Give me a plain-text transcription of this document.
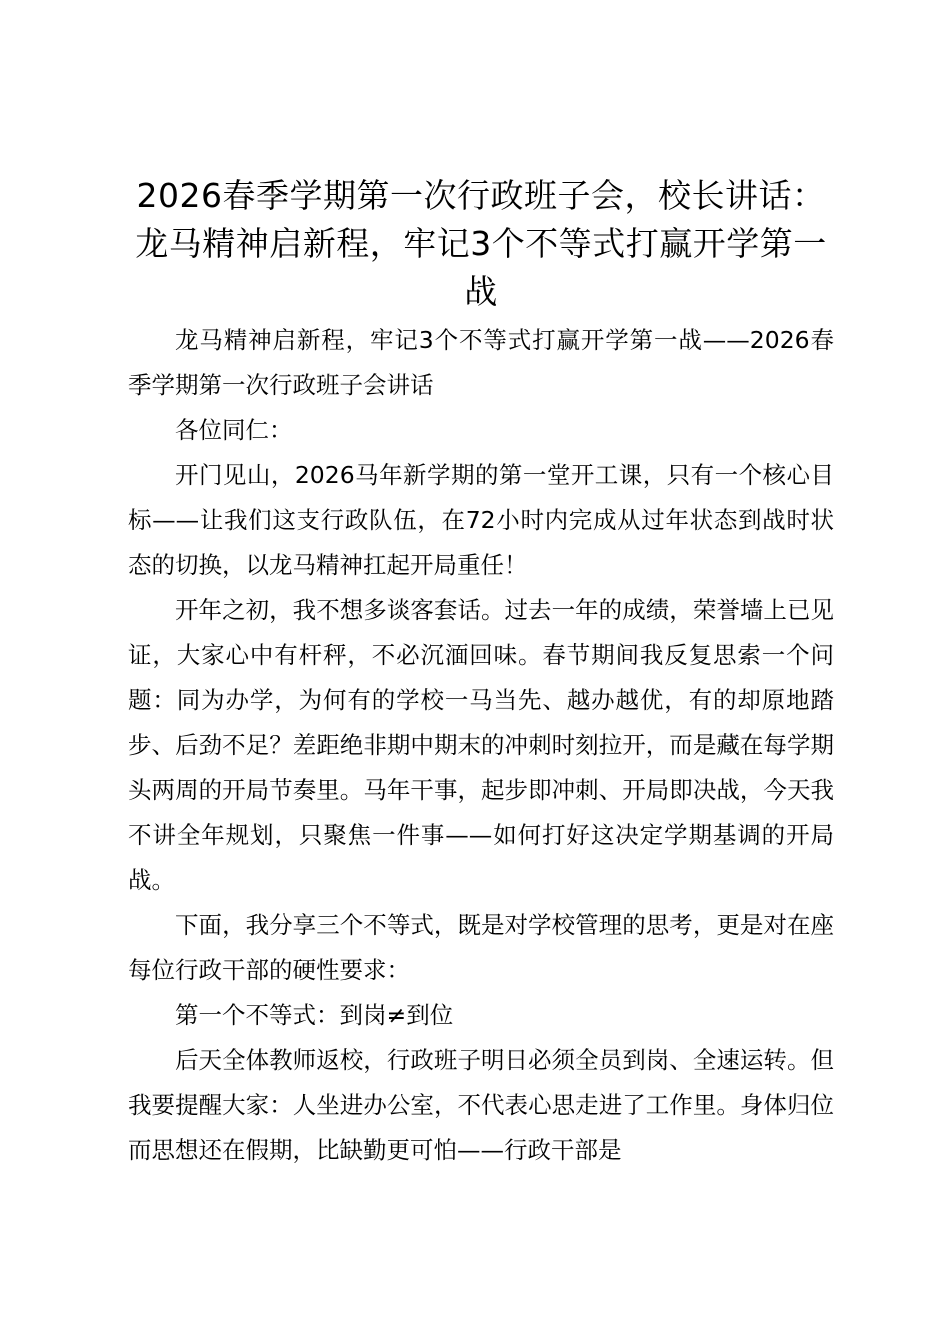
2026春季学期第一次行政班子会，校长讲话：龙马精神启新程，牢记3个不等式打赢开学第一战

龙马精神启新程，牢记3个不等式打赢开学第一战——2026春季学期第一次行政班子会讲话

各位同仁：

开门见山，2026马年新学期的第一堂开工课，只有一个核心目标——让我们这支行政队伍，在72小时内完成从过年状态到战时状态的切换，以龙马精神扛起开局重任！

开年之初，我不想多谈客套话。过去一年的成绩，荣誉墙上已见证，大家心中有杆秤，不必沉湎回味。春节期间我反复思索一个问题：同为办学，为何有的学校一马当先、越办越优，有的却原地踏步、后劲不足？差距绝非期中期末的冲刺时刻拉开，而是藏在每学期头两周的开局节奏里。马年干事，起步即冲刺、开局即决战，今天我不讲全年规划，只聚焦一件事——如何打好这决定学期基调的开局战。

下面，我分享三个不等式，既是对学校管理的思考，更是对在座每位行政干部的硬性要求：

第一个不等式：到岗≠到位

后天全体教师返校，行政班子明日必须全员到岗、全速运转。但我要提醒大家：人坐进办公室，不代表心思走进了工作里。身体归位而思想还在假期，比缺勤更可怕——行政干部是
